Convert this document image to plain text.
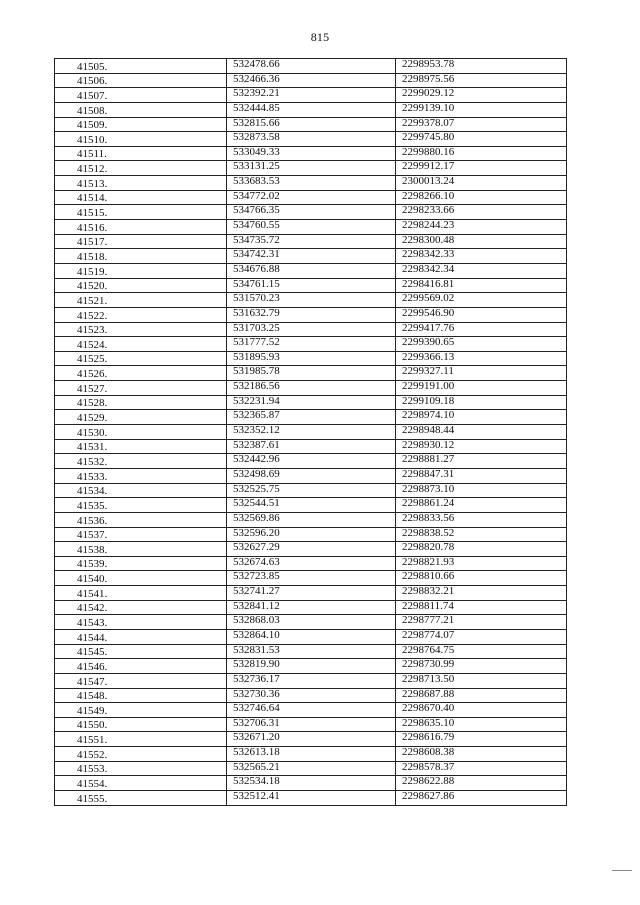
815
41505.	532478.66	2298953.78
41506.	532466.36	2298975.56
41507.	532392.21	2299029.12
41508.	532444.85	2299139.10
41509.	532815.66	2299378.07
41510.	532873.58	2299745.80
41511.	533049.33	2299880.16
41512.	533131.25	2299912.17
41513.	533683.53	2300013.24
41514.	534772.02	2298266.10
41515.	534766.35	2298233.66
41516.	534760.55	2298244.23
41517.	534735.72	2298300.48
41518.	534742.31	2298342.33
41519.	534676.88	2298342.34
41520.	534761.15	2298416.81
41521.	531570.23	2299569.02
41522.	531632.79	2299546.90
41523.	531703.25	2299417.76
41524.	531777.52	2299390.65
41525.	531895.93	2299366.13
41526.	531985.78	2299327.11
41527.	532186.56	2299191.00
41528.	532231.94	2299109.18
41529.	532365.87	2298974.10
41530.	532352.12	2298948.44
41531.	532387.61	2298930.12
41532.	532442.96	2298881.27
41533.	532498.69	2298847.31
41534.	532525.75	2298873.10
41535.	532544.51	2298861.24
41536.	532569.86	2298833.56
41537.	532596.20	2298838.52
41538.	532627.29	2298820.78
41539.	532674.63	2298821.93
41540.	532723.85	2298810.66
41541.	532741.27	2298832.21
41542.	532841.12	2298811.74
41543.	532868.03	2298777.21
41544.	532864.10	2298774.07
41545.	532831.53	2298764.75
41546.	532819.90	2298730.99
41547.	532736.17	2298713.50
41548.	532730.36	2298687.88
41549.	532746.64	2298670.40
41550.	532706.31	2298635.10
41551.	532671.20	2298616.79
41552.	532613.18	2298608.38
41553.	532565.21	2298578.37
41554.	532534.18	2298622.88
41555.	532512.41	2298627.86
